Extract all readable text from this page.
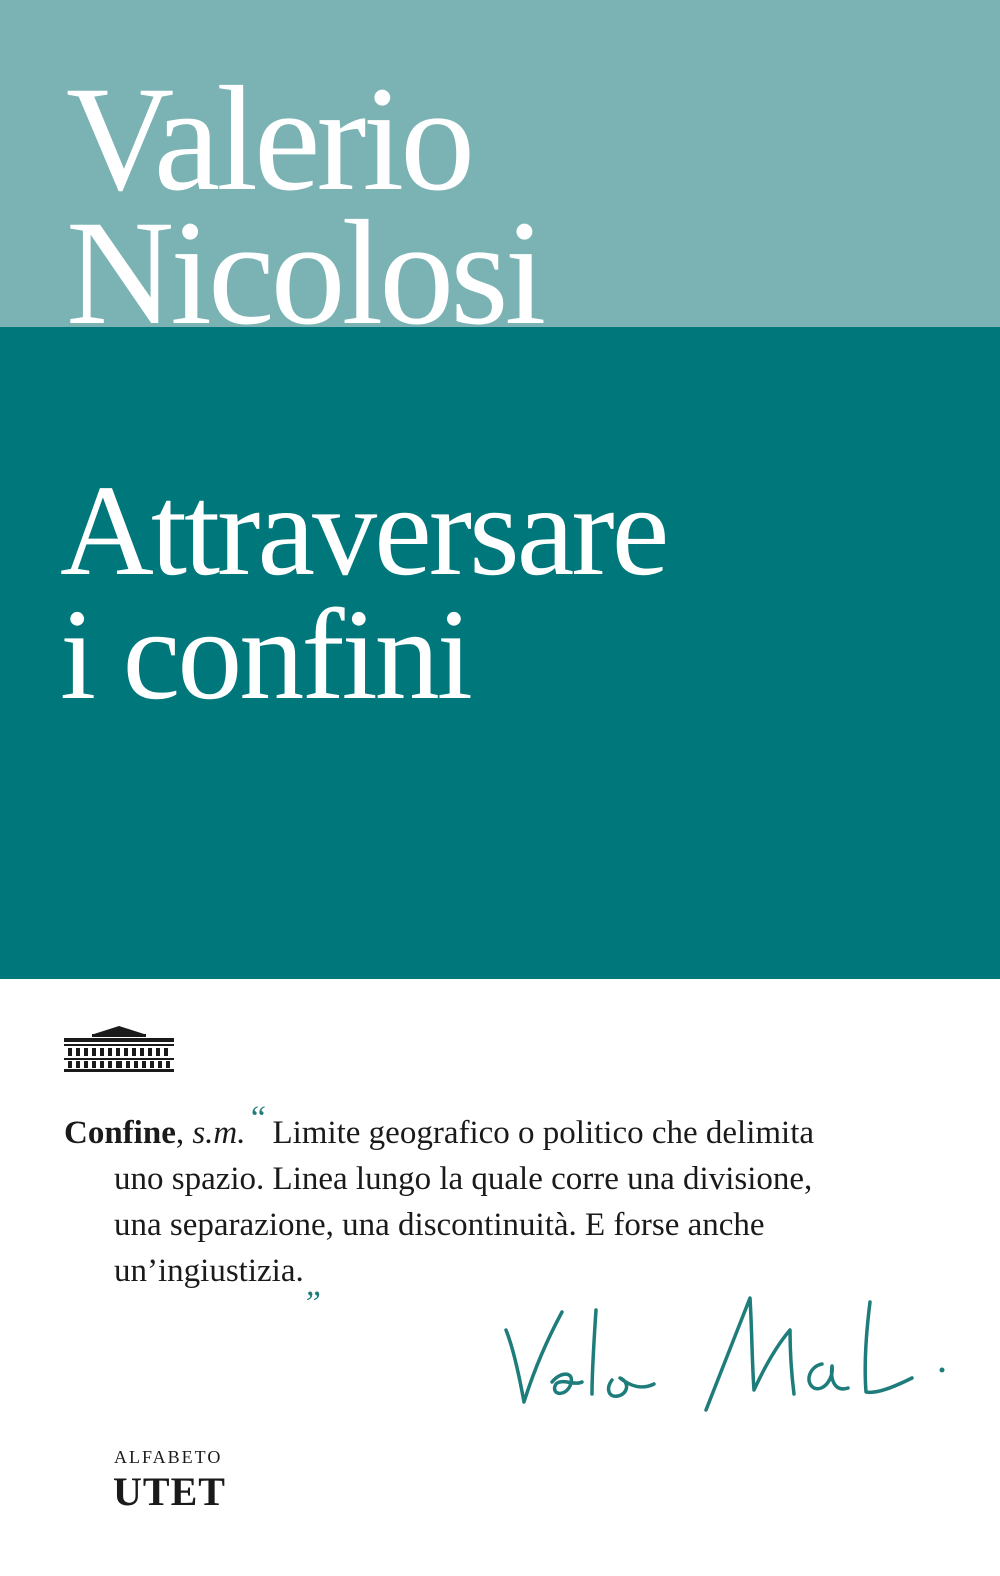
Valerio
Nicolosi
Attraversare
i confini

Confine, s.m.“ Limite geografico o politico che delimita

uno spazio. Linea lungo la quale corre una divisione,

una separazione, una discontinuità. E forse anche

un’ingiustizia.„

ALFABETO
UTET
